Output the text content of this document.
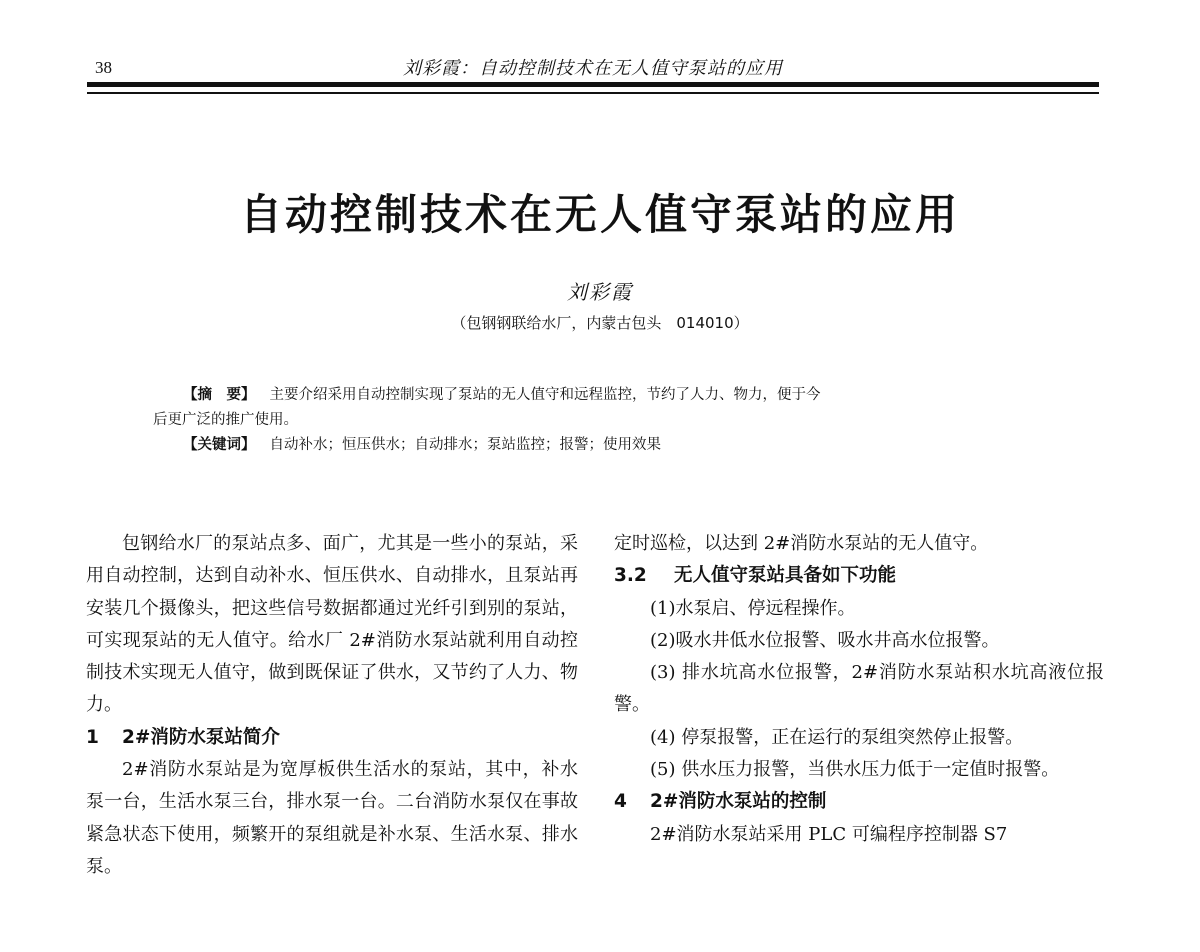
38	刘彩霞：自动控制技术在无人值守泵站的应用
自动控制技术在无人值守泵站的应用
刘彩霞
（包钢钢联给水厂，内蒙古包头　014010）
【摘　要】 主要介绍采用自动控制实现了泵站的无人值守和远程监控，节约了人力、物力，便于今
后更广泛的推广使用。
【关键词】 自动补水；恒压供水；自动排水；泵站监控；报警；使用效果
包钢给水厂的泵站点多、面广，尤其是一些小的泵站，采用自动控制，达到自动补水、恒压供水、自动排水，且泵站再安装几个摄像头，把这些信号数据都通过光纤引到别的泵站，可实现泵站的无人值守。给水厂 2#消防水泵站就利用自动控制技术实现无人值守，做到既保证了供水，又节约了人力、物力。
1 2#消防水泵站简介
2#消防水泵站是为宽厚板供生活水的泵站，其中，补水泵一台，生活水泵三台，排水泵一台。二台消防水泵仅在事故紧急状态下使用，频繁开的泵组就是补水泵、生活水泵、排水泵。
定时巡检，以达到 2#消防水泵站的无人值守。
3.2 无人值守泵站具备如下功能
(1)水泵启、停远程操作。
(2)吸水井低水位报警、吸水井高水位报警。
(3) 排水坑高水位报警，2#消防水泵站积水坑高液位报警。
(4) 停泵报警，正在运行的泵组突然停止报警。
(5) 供水压力报警，当供水压力低于一定值时报警。
4 2#消防水泵站的控制
2#消防水泵站采用 PLC 可编程序控制器 S7
